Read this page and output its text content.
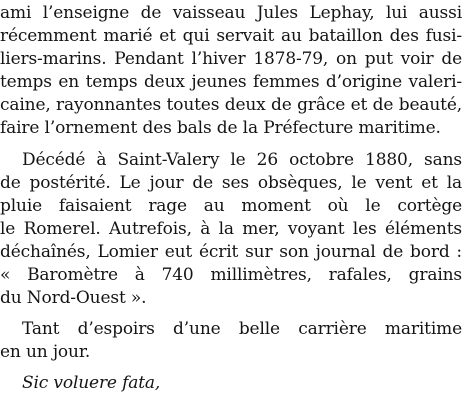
ami l’enseigne de vaisseau Jules Lephay, lui aussi
récemment marié et qui servait au bataillon des fusi-
liers-marins. Pendant l’hiver 1878-79, on put voir de
temps en temps deux jeunes femmes d’origine valeri-
caine, rayonnantes toutes deux de grâce et de beauté,
faire l’ornement des bals de la Préfecture maritime.
Décédé à Saint-Valery le 26 octobre 1880, sans
de postérité. Le jour de ses obsèques, le vent et la
pluie faisaient rage au moment où le cortège
le Romerel. Autrefois, à la mer, voyant les éléments
déchaînés, Lomier eut écrit sur son journal de bord :
« Baromètre à 740 millimètres, rafales, grains
du Nord-Ouest ».
Tant d’espoirs d’une belle carrière maritime
en un jour.
Sic voluere fata,
